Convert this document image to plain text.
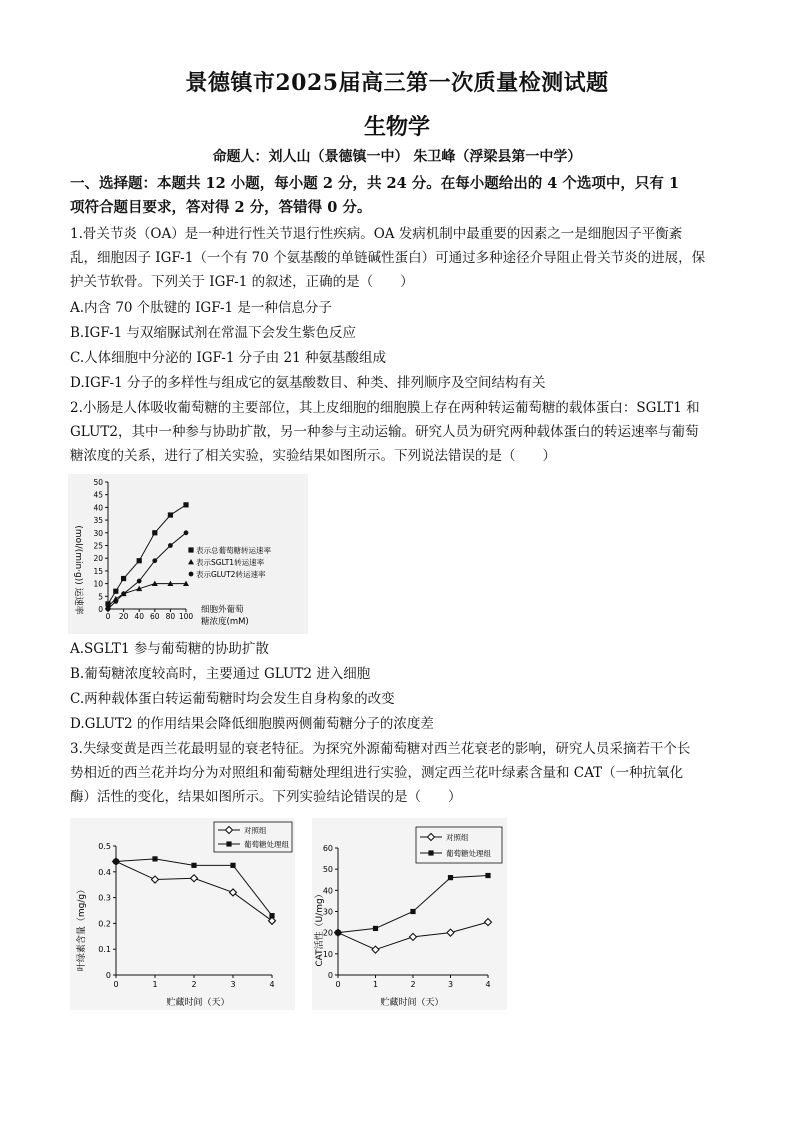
景德镇市2025届高三第一次质量检测试题
生物学
命题人：刘人山（景德镇一中） 朱卫峰（浮梁县第一中学）
一、选择题：本题共 12 小题，每小题 2 分，共 24 分。在每小题给出的 4 个选项中，只有 1
项符合题目要求，答对得 2 分，答错得 0 分。
1.骨关节炎（OA）是一种进行性关节退行性疾病。OA 发病机制中最重要的因素之一是细胞因子平衡紊
乱，细胞因子 IGF-1（一个有 70 个氨基酸的单链碱性蛋白）可通过多种途径介导阻止骨关节炎的进展，保
护关节软骨。下列关于 IGF-1 的叙述，正确的是（　　）
A.内含 70 个肽键的 IGF-1 是一种信息分子
B.IGF-1 与双缩脲试剂在常温下会发生紫色反应
C.人体细胞中分泌的 IGF-1 分子由 21 种氨基酸组成
D.IGF-1 分子的多样性与组成它的氨基酸数目、种类、排列顺序及空间结构有关
2.小肠是人体吸收葡萄糖的主要部位，其上皮细胞的细胞膜上存在两种转运葡萄糖的载体蛋白：SGLT1 和
GLUT2，其中一种参与协助扩散，另一种参与主动运输。研究人员为研究两种载体蛋白的转运速率与葡萄
糖浓度的关系，进行了相关实验，实验结果如图所示。下列说法错误的是（　　）
0 20 40 60 80 100
0
5
10
15
20
25
30
35
40
45
50
表示总葡萄糖转运速率
表示SGLT1转运速率
表示GLUT2转运速率
(mol/(min·g)) 运速率	细胞外葡萄
糖浓度(mM)
A.SGLT1 参与葡萄糖的协助扩散
B.葡萄糖浓度较高时，主要通过 GLUT2 进入细胞
C.两种载体蛋白转运葡萄糖时均会发生自身构象的改变
D.GLUT2 的作用结果会降低细胞膜两侧葡萄糖分子的浓度差
3.失绿变黄是西兰花最明显的衰老特征。为探究外源葡萄糖对西兰花衰老的影响，研究人员采摘若干个长
势相近的西兰花并均分为对照组和葡萄糖处理组进行实验，测定西兰花叶绿素含量和 CAT（一种抗氧化
酶）活性的变化，结果如图所示。下列实验结论错误的是（　　）
0	1	2	3	4
0
0.1
0.2
0.3
0.4
0.5
对照组
葡萄糖处理组
叶绿素含量（mg/g）
贮藏时间（天）
0	1	2	3	4
0
10
20
30
40
50
60
对照组
葡萄糖处理组
CAT活性（U/mg）
贮藏时间（天）
